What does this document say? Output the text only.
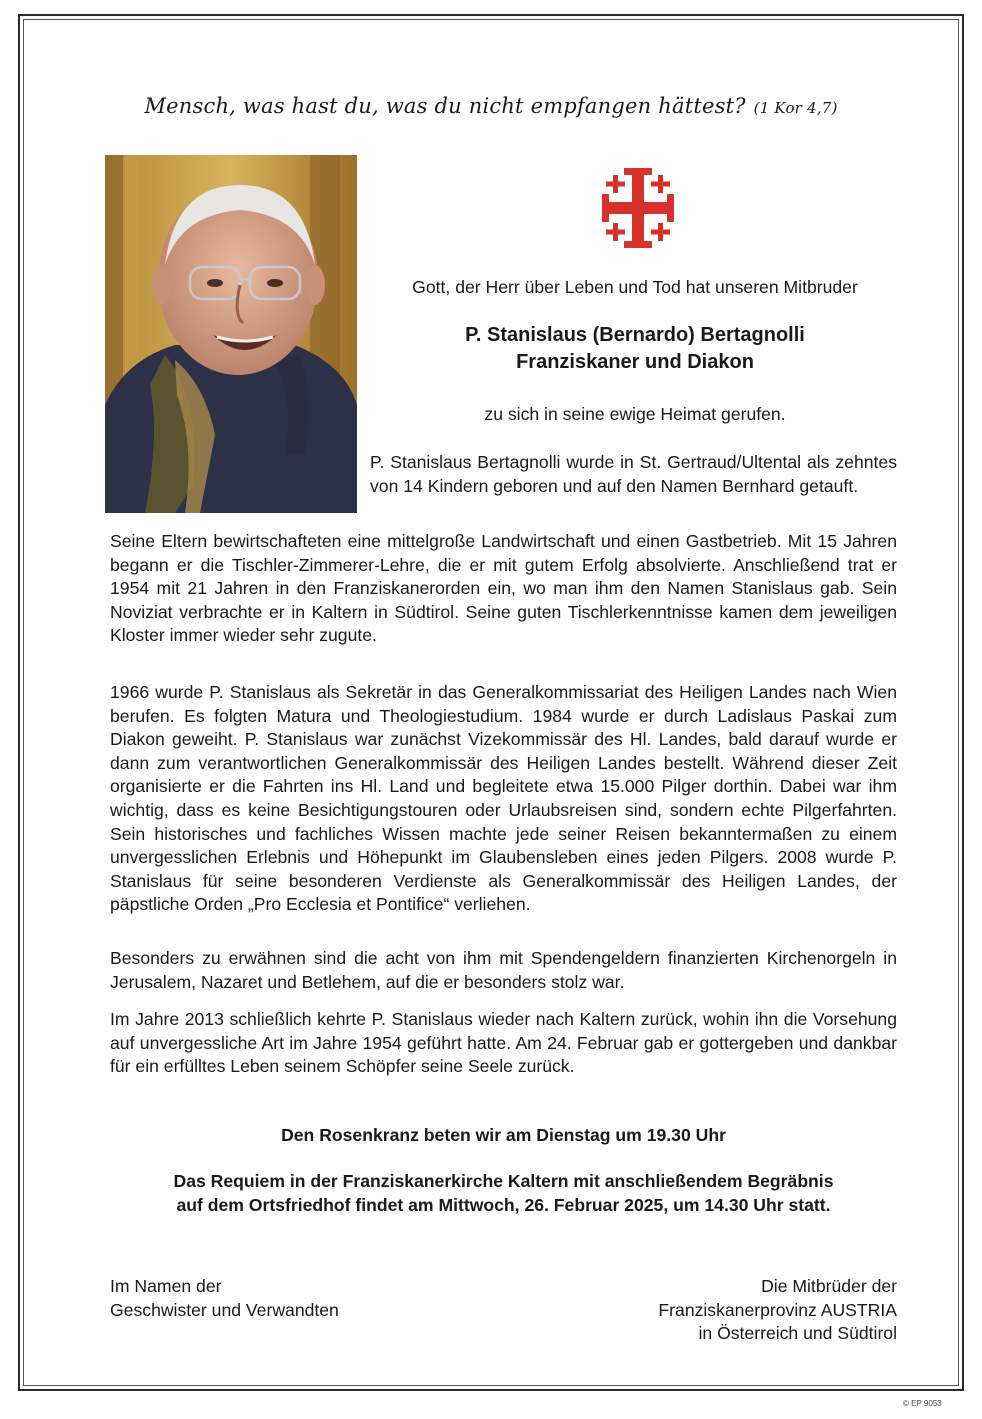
Mensch, was hast du, was du nicht empfangen hättest? (1 Kor 4,7)

Gott, der Herr über Leben und Tod hat unseren Mitbruder

P. Stanislaus (Bernardo) Bertagnolli
Franziskaner und Diakon

zu sich in seine ewige Heimat gerufen.

P. Stanislaus Bertagnolli wurde in St. Gertraud/Ultental als zehntes von 14 Kindern geboren und auf den Namen Bernhard getauft.

Seine Eltern bewirtschafteten eine mittelgroße Landwirtschaft und einen Gastbetrieb. Mit 15 Jahren begann er die Tischler-Zimmerer-Lehre, die er mit gutem Erfolg absolvierte. Anschließend trat er 1954 mit 21 Jahren in den Franziskanerorden ein, wo man ihm den Namen Stanislaus gab. Sein Noviziat verbrachte er in Kaltern in Südtirol. Seine guten Tischlerkenntnisse kamen dem jeweiligen Kloster immer wieder sehr zugute.

1966 wurde P. Stanislaus als Sekretär in das Generalkommissariat des Heiligen Landes nach Wien berufen. Es folgten Matura und Theologiestudium. 1984 wurde er durch Ladislaus Paskai zum Diakon geweiht. P. Stanislaus war zunächst Vizekommissär des Hl. Landes, bald darauf wurde er dann zum verantwortlichen Generalkommissär des Heiligen Landes bestellt. Während dieser Zeit organisierte er die Fahrten ins Hl. Land und begleitete etwa 15.000 Pilger dorthin. Dabei war ihm wichtig, dass es keine Besichtigungstouren oder Urlaubsreisen sind, sondern echte Pilgerfahrten. Sein historisches und fachliches Wissen machte jede seiner Reisen bekanntermaßen zu einem unvergesslichen Erlebnis und Höhepunkt im Glaubensleben eines jeden Pilgers. 2008 wurde P. Stanislaus für seine besonderen Verdienste als Generalkommissär des Heiligen Landes, der päpstliche Orden „Pro Ecclesia et Pontifice“ verliehen.

Besonders zu erwähnen sind die acht von ihm mit Spendengeldern finanzierten Kirchenorgeln in Jerusalem, Nazaret und Betlehem, auf die er besonders stolz war.

Im Jahre 2013 schließlich kehrte P. Stanislaus wieder nach Kaltern zurück, wohin ihn die Vorsehung auf unvergessliche Art im Jahre 1954 geführt hatte. Am 24. Februar gab er gottergeben und dankbar für ein erfülltes Leben seinem Schöpfer seine Seele zurück.

Den Rosenkranz beten wir am Dienstag um 19.30 Uhr

Das Requiem in der Franziskanerkirche Kaltern mit anschließendem Begräbnis
auf dem Ortsfriedhof findet am Mittwoch, 26. Februar 2025, um 14.30 Uhr statt.
Im Namen der
Geschwister und Verwandten
Die Mitbrüder der
Franziskanerprovinz AUSTRIA
in Österreich und Südtirol
© EP 9053
